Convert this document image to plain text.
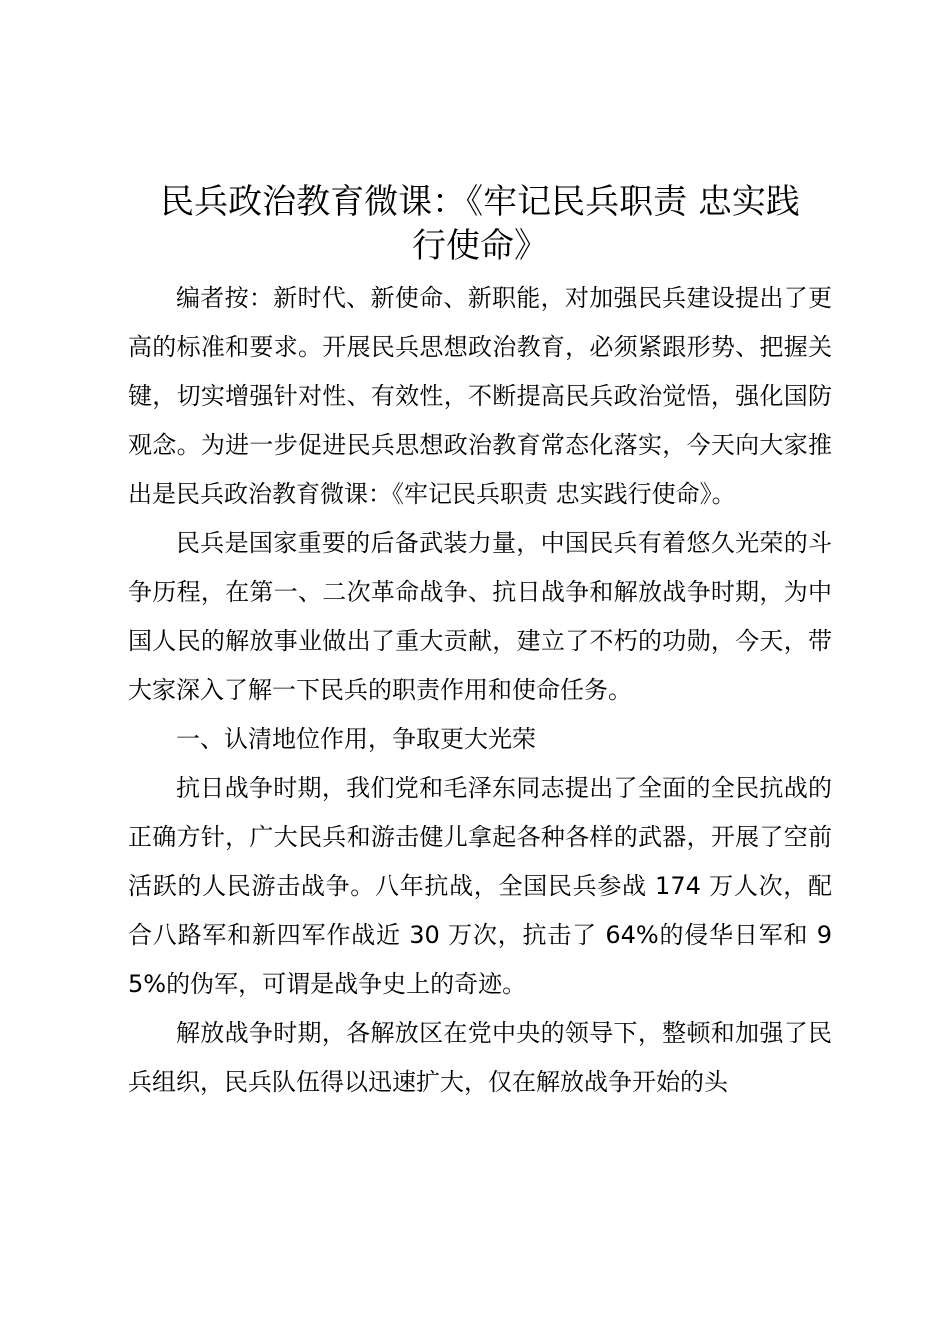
民兵政治教育微课：《牢记民兵职责 忠实践
行使命》

编者按：新时代、新使命、新职能，对加强民兵建设提出了更高的标准和要求。开展民兵思想政治教育，必须紧跟形势、把握关键，切实增强针对性、有效性，不断提高民兵政治觉悟，强化国防观念。为进一步促进民兵思想政治教育常态化落实，今天向大家推出是民兵政治教育微课：《牢记民兵职责 忠实践行使命》。

民兵是国家重要的后备武装力量，中国民兵有着悠久光荣的斗争历程，在第一、二次革命战争、抗日战争和解放战争时期，为中国人民的解放事业做出了重大贡献，建立了不朽的功勋，今天，带大家深入了解一下民兵的职责作用和使命任务。

一、认清地位作用，争取更大光荣

抗日战争时期，我们党和毛泽东同志提出了全面的全民抗战的正确方针，广大民兵和游击健儿拿起各种各样的武器，开展了空前活跃的人民游击战争。八年抗战，全国民兵参战 174 万人次，配合八路军和新四军作战近 30 万次，抗击了 64%的侵华日军和 95%的伪军，可谓是战争史上的奇迹。

解放战争时期，各解放区在党中央的领导下，整顿和加强了民兵组织，民兵队伍得以迅速扩大，仅在解放战争开始的头
